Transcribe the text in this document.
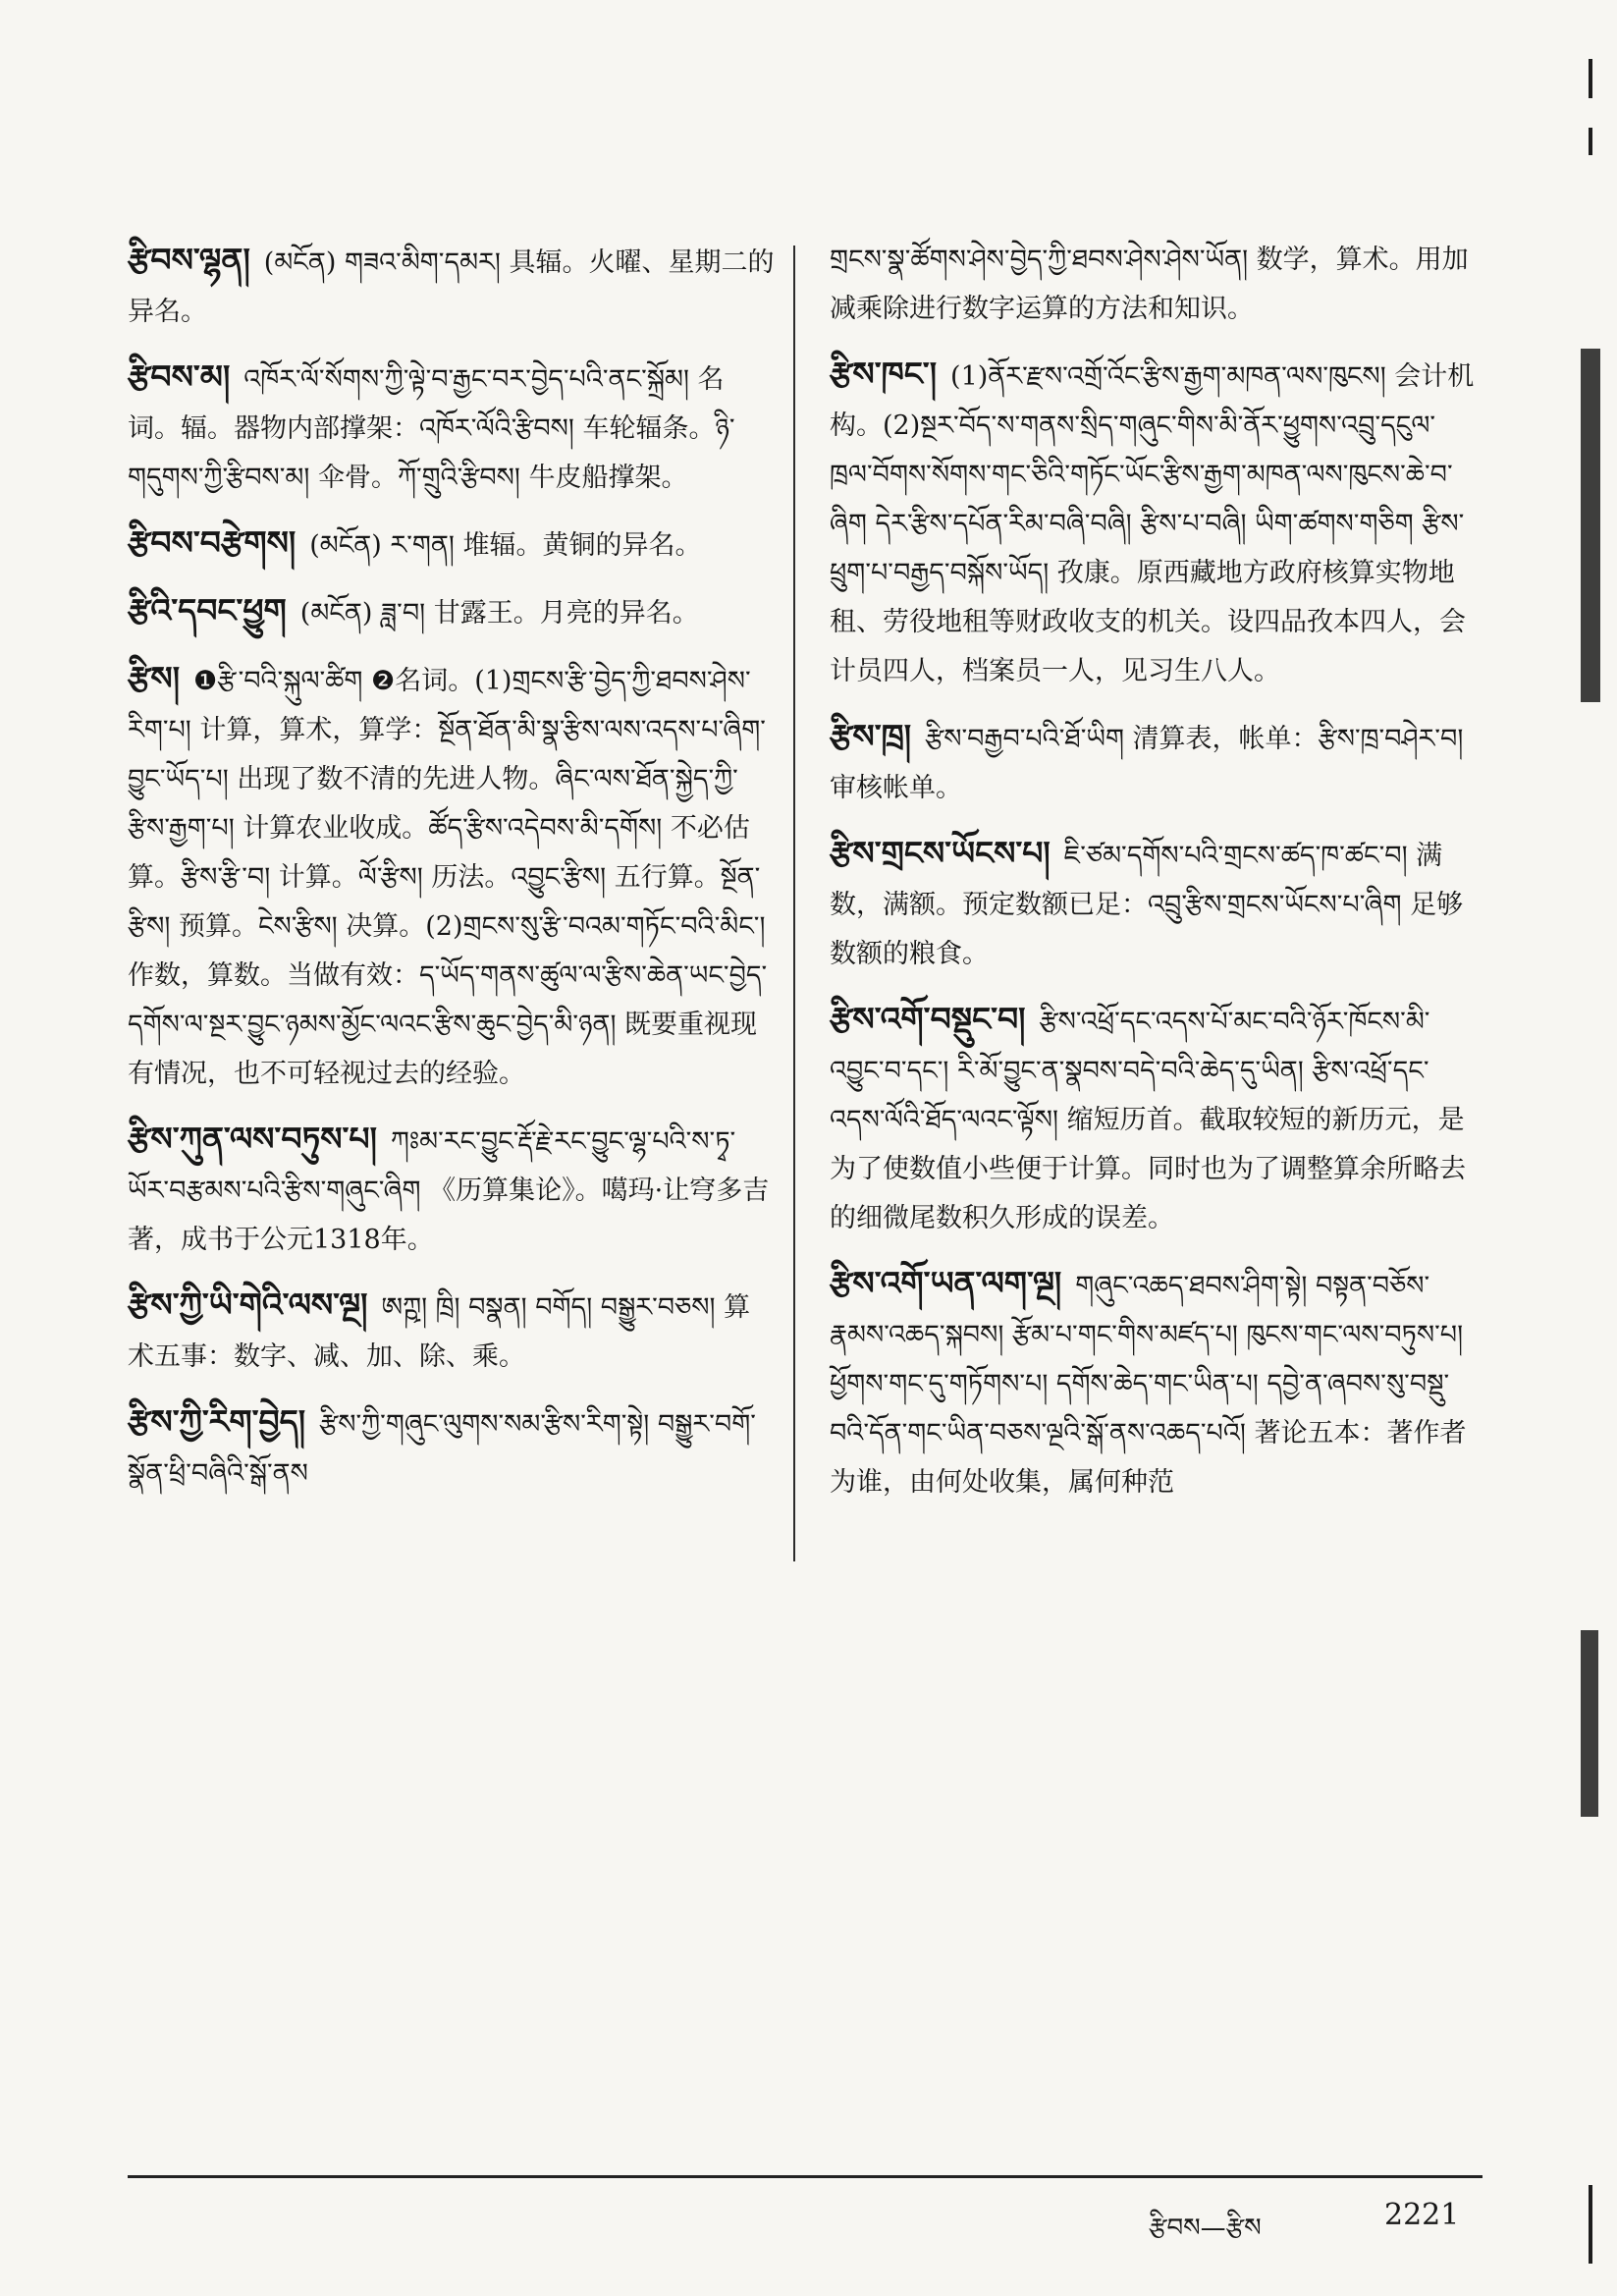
རྩིབས་ལྷན། (མངོན) གཟའ་མིག་དམར། 具辐。火曜、星期二的异名。
རྩིབས་མ། འཁོར་ལོ་སོགས་ཀྱི་ལྟེ་བ་རྒྱང་བར་བྱེད་པའི་ནང་སྐྲོམ། 名词。辐。器物内部撑架：འཁོར་ལོའི་རྩིབས། 车轮辐条。ཉི་གདུགས་ཀྱི་རྩིབས་མ། 伞骨。ཀོ་གྲུའི་རྩིབས། 牛皮船撑架。
རྩིབས་བརྩེགས། (མངོན) ར་གན། 堆辐。黄铜的异名。
རྩིའི་དབང་ཕྱུག (མངོན) ཟླ་བ། 甘露王。月亮的异名。
རྩིས། ❶རྩི་བའི་སྐུལ་ཚིག ❷名词。(1)གྲངས་རྩི་བྱེད་ཀྱི་ཐབས་ཤེས་རིག་པ། 计算，算术，算学：སྔོན་ཐོན་མི་སྣ་རྩིས་ལས་འདས་པ་ཞིག་བྱུང་ཡོད་པ། 出现了数不清的先进人物。ཞིང་ལས་ཐོན་སྐྱེད་ཀྱི་རྩིས་རྒྱག་པ། 计算农业收成。ཚོད་རྩིས་འདེབས་མི་དགོས། 不必估算。རྩིས་རྩི་བ། 计算。ལོ་རྩིས། 历法。འབྱུང་རྩིས། 五行算。སྔོན་རྩིས། 预算。ངེས་རྩིས། 决算。(2)གྲངས་སུ་རྩི་བའམ་གཏོང་བའི་མིང་། 作数，算数。当做有效：ད་ཡོད་གནས་ཚུལ་ལ་རྩིས་ཆེན་ཡང་བྱེད་དགོས་ལ་སྔར་བྱུང་ཉམས་མྱོང་ལའང་རྩིས་ཆུང་བྱེད་མི་ཉན། 既要重视现有情况，也不可轻视过去的经验。
རྩིས་ཀུན་ལས་བཏུས་པ། ཀཿམ་རང་བྱུང་རྡོ་རྗེ་རང་བྱུང་ལྷ་པའི་ས་ཏྭ་ཡོར་བརྩམས་པའི་རྩིས་གཞུང་ཞིག 《历算集论》。噶玛·让穹多吉著，成书于公元1318年。
རྩིས་ཀྱི་ཡི་གེའི་ལས་ལྔ། ཨཀྵ། ཁྲི། བསྣན། བགོད། བསྒྱུར་བཅས། 算术五事：数字、减、加、除、乘。
རྩིས་ཀྱི་རིག་བྱེད། རྩིས་ཀྱི་གཞུང་ལུགས་སམ་རྩིས་རིག་སྟེ། བསྒྱུར་བགོ་སྣོན་ཕྲི་བཞིའི་སྒོ་ནས
གྲངས་སྣ་ཚོགས་ཤེས་བྱེད་ཀྱི་ཐབས་ཤེས་ཤེས་ཡོན། 数学，算术。用加减乘除进行数字运算的方法和知识。
རྩིས་ཁང་། (1)ནོར་རྫས་འགྲོ་འོང་རྩིས་རྒྱག་མཁན་ལས་ཁུངས། 会计机构。(2)སྔར་བོད་ས་གནས་སྲིད་གཞུང་གིས་མི་ནོར་ཕྱུགས་འབྲུ་དངུལ་ཁྲལ་བོགས་སོགས་གང་ཅིའི་གཏོང་ཡོང་རྩིས་རྒྱག་མཁན་ལས་ཁུངས་ཆེ་བ་ཞིག དེར་རྩིས་དཔོན་རིམ་བཞི་བཞི། རྩིས་པ་བཞི། ཡིག་ཚགས་གཅིག རྩིས་ཕྲུག་པ་བརྒྱད་བསྐོས་ཡོད། 孜康。原西藏地方政府核算实物地租、劳役地租等财政收支的机关。设四品孜本四人，会计员四人，档案员一人，见习生八人。
རྩིས་ཁྲ། རྩིས་བརྒྱབ་པའི་ཐོ་ཡིག 清算表，帐单：རྩིས་ཁྲ་བཤེར་བ། 审核帐单。
རྩིས་གྲངས་ཡོངས་པ། ཇི་ཙམ་དགོས་པའི་གྲངས་ཚད་ཁ་ཚང་བ། 满数，满额。预定数额已足：འབྲུ་རྩིས་གྲངས་ཡོངས་པ་ཞིག 足够数额的粮食。
རྩིས་འགོ་བསྡུང་བ། རྩིས་འཕྲོ་དང་འདས་པོ་མང་བའི་ཉོར་ཁོངས་མི་འབྱུང་བ་དང་། རི་མོ་བྱུང་ན་སྣབས་བདེ་བའི་ཆེད་དུ་ཡིན། རྩིས་འཕྲོ་དང་འདས་ལོའི་ཐོད་ལའང་ལྟོས། 缩短历首。截取较短的新历元，是为了使数值小些便于计算。同时也为了调整算余所略去的细微尾数积久形成的误差。
རྩིས་འགོ་ཡན་ལག་ལྔ། གཞུང་འཆད་ཐབས་ཤིག་སྟེ། བསྟན་བཅོས་རྣམས་འཆད་སྐབས། རྩོམ་པ་གང་གིས་མཛད་པ། ཁུངས་གང་ལས་བཏུས་པ། ཕྱོགས་གང་དུ་གཏོགས་པ། དགོས་ཆེད་གང་ཡིན་པ། དབྱེ་ན་ཞབས་སུ་བསྡུ་བའི་དོན་གང་ཡིན་བཅས་ལྔའི་སྒོ་ནས་འཆད་པའོ། 著论五本：著作者为谁，由何处收集，属何种范
རྩིབས—རྩིས	2221
